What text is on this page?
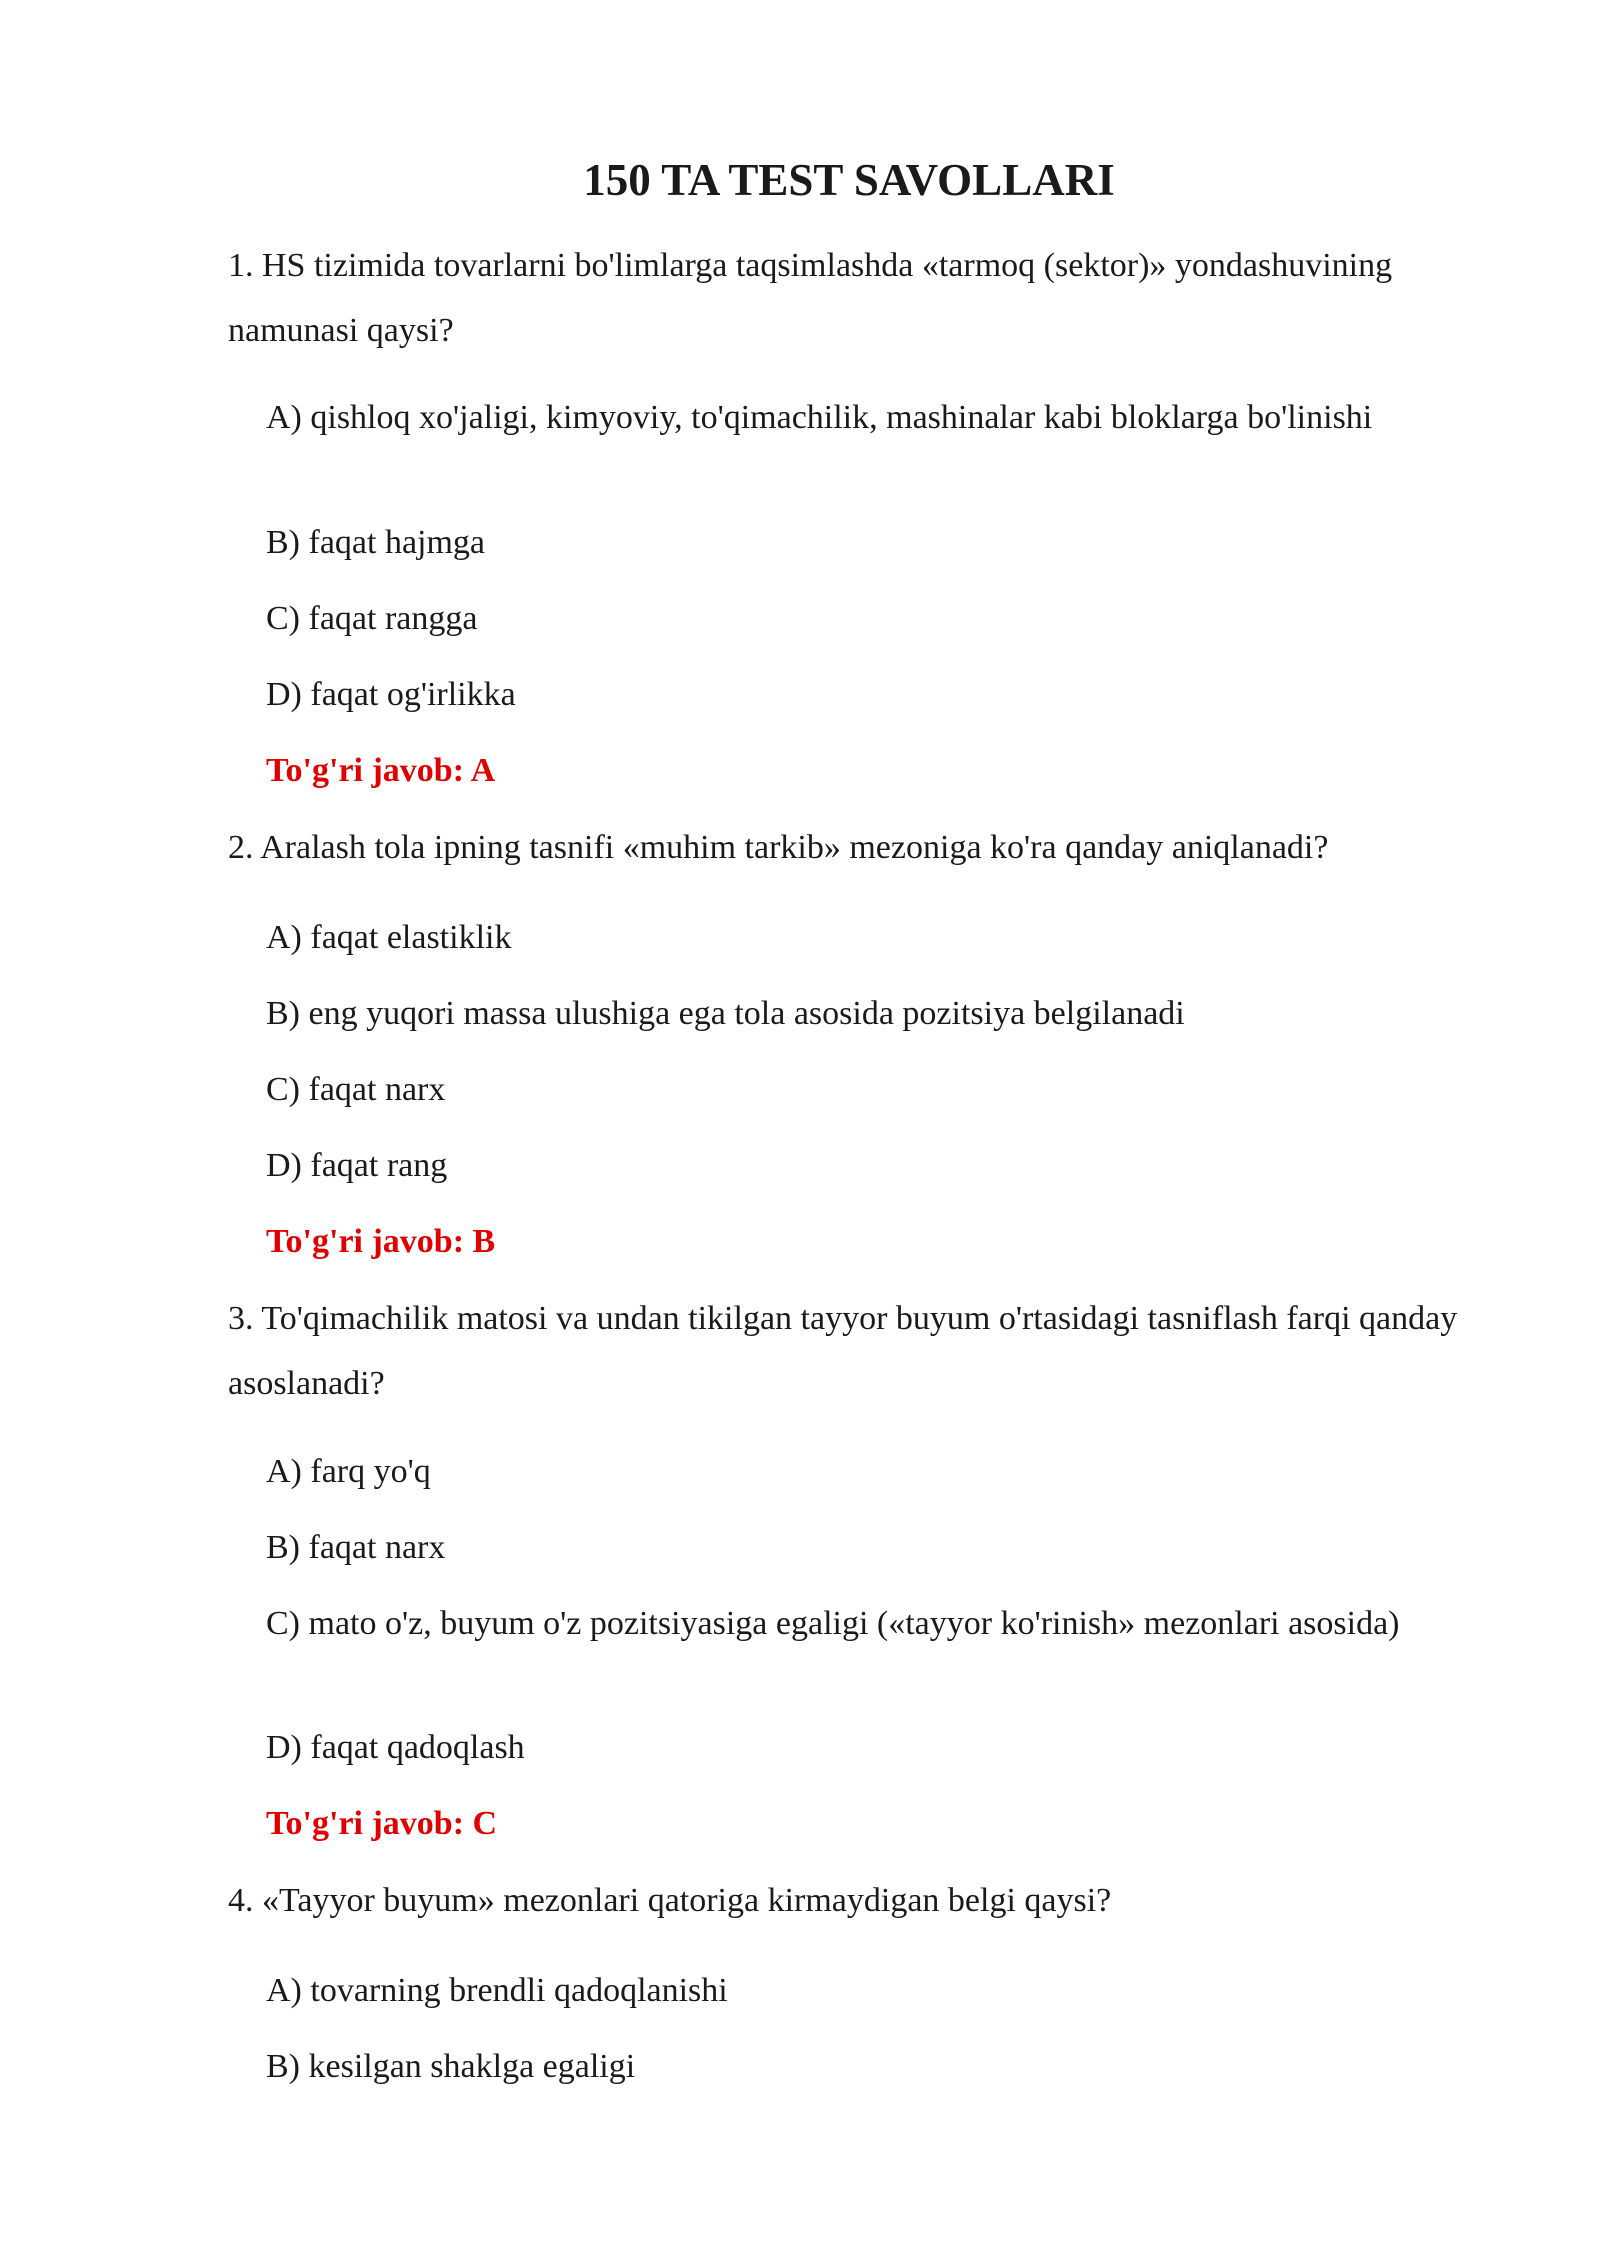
150 TA TEST SAVOLLARI

1. HS tizimida tovarlarni bo'limlarga taqsimlashda «tarmoq (sektor)» yondashuvining namunasi qaysi?

A) qishloq xo'jaligi, kimyoviy, to'qimachilik, mashinalar kabi bloklarga bo'linishi

B) faqat hajmga

C) faqat rangga

D) faqat og'irlikka

To'g'ri javob: A

2. Aralash tola ipning tasnifi «muhim tarkib» mezoniga ko'ra qanday aniqlanadi?

A) faqat elastiklik

B) eng yuqori massa ulushiga ega tola asosida pozitsiya belgilanadi

C) faqat narx

D) faqat rang

To'g'ri javob: B

3. To'qimachilik matosi va undan tikilgan tayyor buyum o'rtasidagi tasniflash farqi qanday asoslanadi?

A) farq yo'q

B) faqat narx

C) mato o'z, buyum o'z pozitsiyasiga egaligi («tayyor ko'rinish» mezonlari asosida)

D) faqat qadoqlash

To'g'ri javob: C

4. «Tayyor buyum» mezonlari qatoriga kirmaydigan belgi qaysi?

A) tovarning brendli qadoqlanishi

B) kesilgan shaklga egaligi
